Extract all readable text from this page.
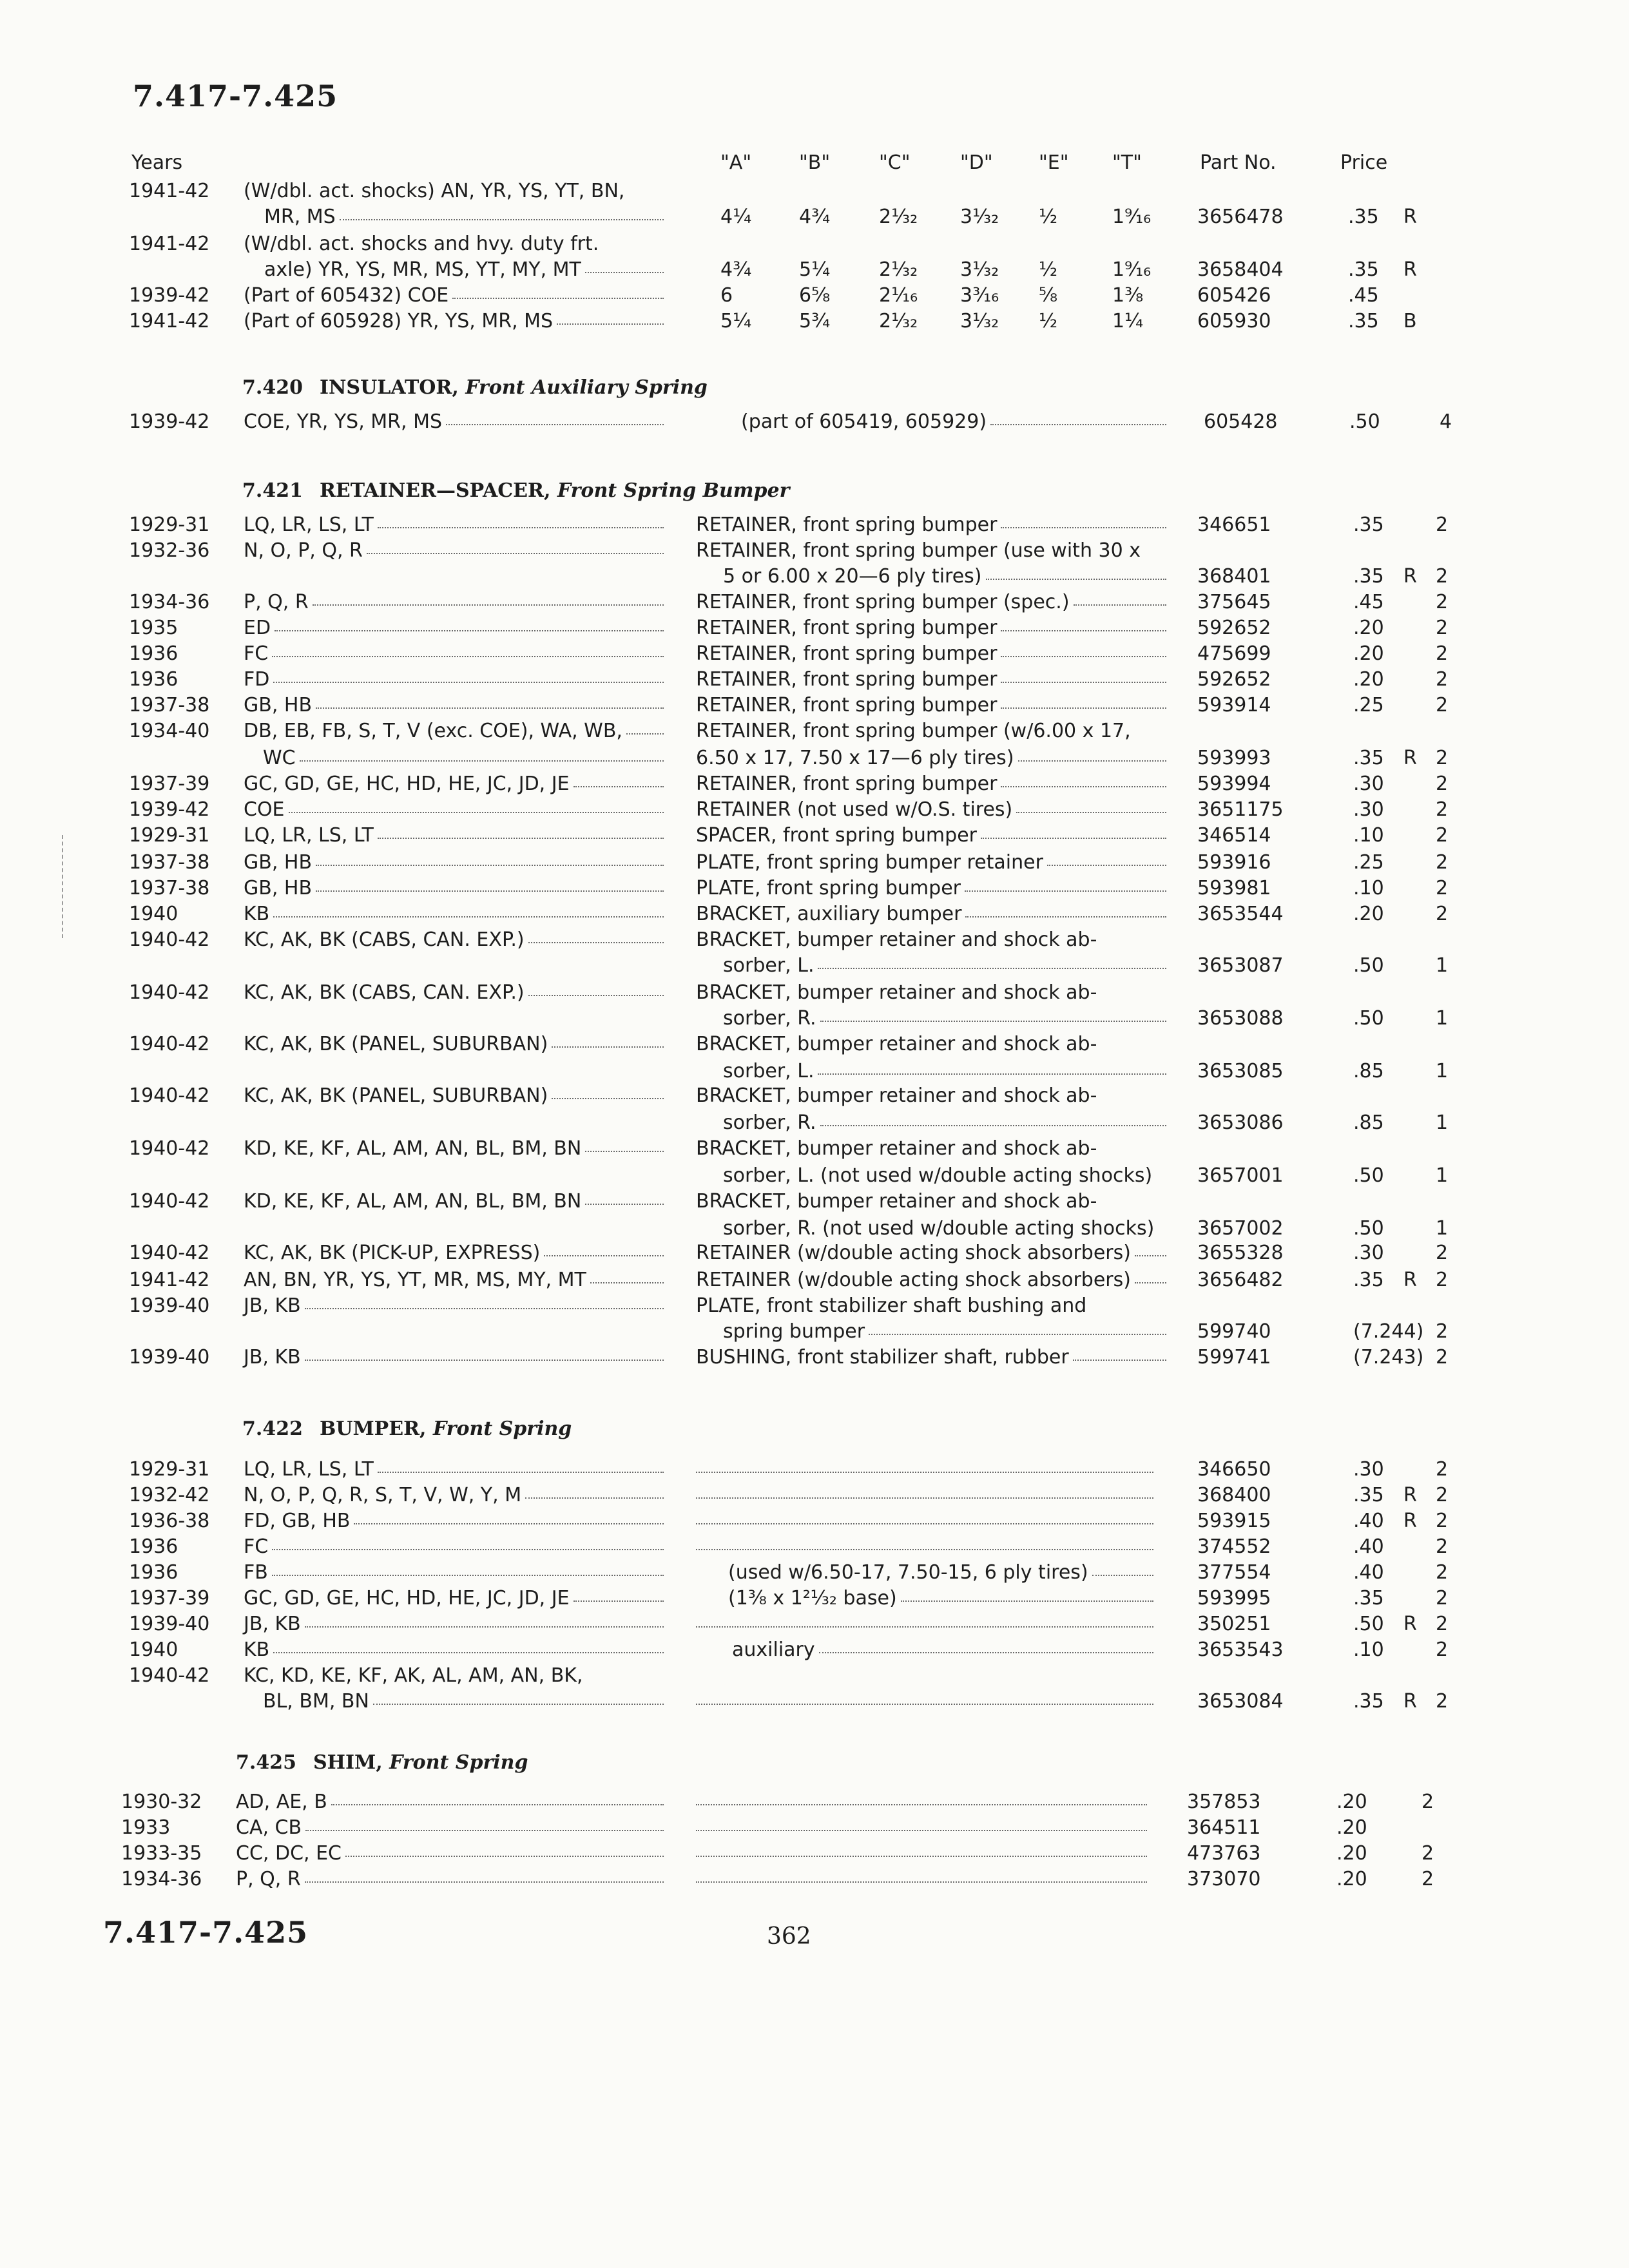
7.417-7.425
Years	"A" "B"	"C"	"D" "E" "T"	Part No.	Price
1941-42 (W/dbl. act. shocks) AN, YR, YS, YT, BN,
MR, MS	4¼ 4¾	2¹⁄₃₂ 3¹⁄₃₂ ½	1⁹⁄₁₆ 3656478	.35 R
1941-42 (W/dbl. act. shocks and hvy. duty frt.
axle) YR, YS, MR, MS, YT, MY, MT	4¾ 5¼	2¹⁄₃₂ 3¹⁄₃₂ ½	1⁹⁄₁₆ 3658404	.35 R
1939-42 (Part of 605432) COE	6	6⅝	2¹⁄₁₆ 3³⁄₁₆ ⅝	1⅜	605426	.45
1941-42 (Part of 605928) YR, YS, MR, MS	5¼ 5¾	2¹⁄₃₂ 3¹⁄₃₂ ½	1¼	605930	.35 B
7.420 INSULATOR, Front Auxiliary Spring
1939-42 COE, YR, YS, MR, MS	(part of 605419, 605929)	605428	.50	4
7.421 RETAINER—SPACER, Front Spring Bumper
1929-31 LQ, LR, LS, LT	RETAINER, front spring bumper	346651	.35	2
1932-36 N, O, P, Q, R	RETAINER, front spring bumper (use with 30 x
5 or 6.00 x 20—6 ply tires)	368401	.35 R 2
1934-36 P, Q, R	RETAINER, front spring bumper (spec.)	375645	.45	2
1935	ED	RETAINER, front spring bumper	592652	.20	2
1936	FC	RETAINER, front spring bumper	475699	.20	2
1936	FD	RETAINER, front spring bumper	592652	.20	2
1937-38 GB, HB	RETAINER, front spring bumper	593914	.25	2
1934-40 DB, EB, FB, S, T, V (exc. COE), WA, WB,	RETAINER, front spring bumper (w/6.00 x 17,
WC	6.50 x 17, 7.50 x 17—6 ply tires)	593993	.35 R 2
1937-39 GC, GD, GE, HC, HD, HE, JC, JD, JE	RETAINER, front spring bumper	593994	.30	2
1939-42 COE	RETAINER (not used w/O.S. tires)	3651175	.30	2
1929-31 LQ, LR, LS, LT	SPACER, front spring bumper	346514	.10	2
1937-38 GB, HB	PLATE, front spring bumper retainer	593916	.25	2
1937-38 GB, HB	PLATE, front spring bumper	593981	.10	2
1940	KB	BRACKET, auxiliary bumper	3653544	.20	2
1940-42 KC, AK, BK (CABS, CAN. EXP.)	BRACKET, bumper retainer and shock ab-
sorber, L.	3653087	.50	1
1940-42 KC, AK, BK (CABS, CAN. EXP.)	BRACKET, bumper retainer and shock ab-
sorber, R.	3653088	.50	1
1940-42 KC, AK, BK (PANEL, SUBURBAN)	BRACKET, bumper retainer and shock ab-
sorber, L.	3653085	.85	1
1940-42 KC, AK, BK (PANEL, SUBURBAN)	BRACKET, bumper retainer and shock ab-
sorber, R.	3653086	.85	1
1940-42 KD, KE, KF, AL, AM, AN, BL, BM, BN	BRACKET, bumper retainer and shock ab-
sorber, L. (not used w/double acting shocks) 3657001	.50	1
1940-42 KD, KE, KF, AL, AM, AN, BL, BM, BN	BRACKET, bumper retainer and shock ab-
sorber, R. (not used w/double acting shocks) 3657002	.50	1
1940-42 KC, AK, BK (PICK-UP, EXPRESS)	RETAINER (w/double acting shock absorbers)	3655328	.30	2
1941-42 AN, BN, YR, YS, YT, MR, MS, MY, MT	RETAINER (w/double acting shock absorbers)	3656482	.35 R 2
1939-40 JB, KB	PLATE, front stabilizer shaft bushing and
spring bumper	599740	(7.244) 2
1939-40 JB, KB	BUSHING, front stabilizer shaft, rubber	599741	(7.243) 2
7.422 BUMPER, Front Spring
1929-31 LQ, LR, LS, LT	346650	.30	2
1932-42 N, O, P, Q, R, S, T, V, W, Y, M	368400	.35 R 2
1936-38 FD, GB, HB	593915	.40 R 2
1936	FC	374552	.40	2
1936	FB	(used w/6.50-17, 7.50-15, 6 ply tires)	377554	.40	2
1937-39 GC, GD, GE, HC, HD, HE, JC, JD, JE	(1⅜ x 1²¹⁄₃₂ base)	593995	.35	2
1939-40 JB, KB	350251	.50 R 2
1940	KB	auxiliary	3653543	.10	2
1940-42 KC, KD, KE, KF, AK, AL, AM, AN, BK,
BL, BM, BN	3653084	.35 R 2
7.425 SHIM, Front Spring
1930-32 AD, AE, B	357853	.20	2
1933	CA, CB	364511	.20
1933-35 CC, DC, EC	473763	.20	2
1934-36 P, Q, R	373070	.20	2
7.417-7.425	362
